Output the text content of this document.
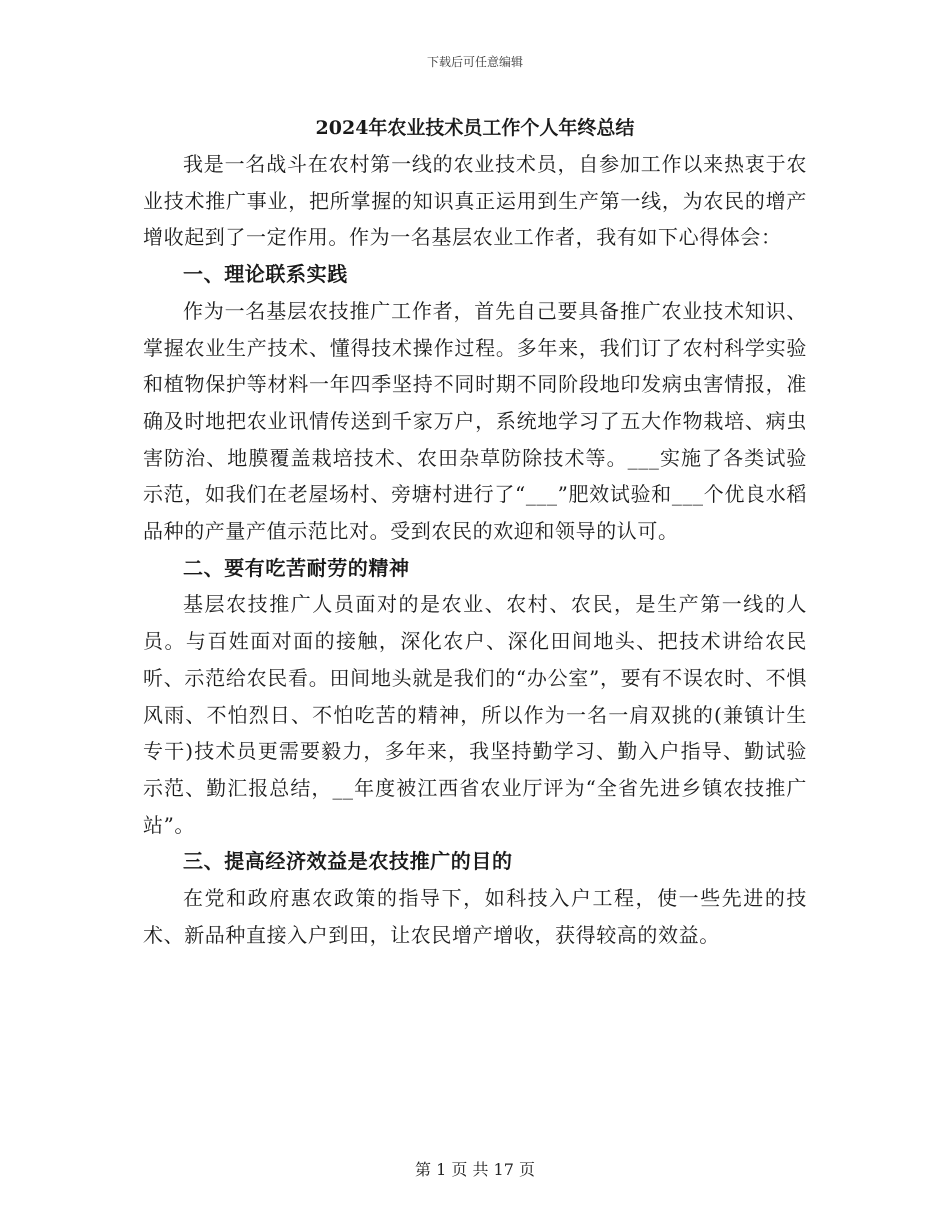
下载后可任意编辑
2024年农业技术员工作个人年终总结

我是一名战斗在农村第一线的农业技术员，自参加工作以来热衷于农业技术推广事业，把所掌握的知识真正运用到生产第一线，为农民的增产增收起到了一定作用。作为一名基层农业工作者，我有如下心得体会：

一、理论联系实践

作为一名基层农技推广工作者，首先自己要具备推广农业技术知识、掌握农业生产技术、懂得技术操作过程。多年来，我们订了农村科学实验和植物保护等材料一年四季坚持不同时期不同阶段地印发病虫害情报，准确及时地把农业讯情传送到千家万户，系统地学习了五大作物栽培、病虫害防治、地膜覆盖栽培技术、农田杂草防除技术等。___实施了各类试验示范，如我们在老屋场村、旁塘村进行了“___”肥效试验和___个优良水稻品种的产量产值示范比对。受到农民的欢迎和领导的认可。

二、要有吃苦耐劳的精神

基层农技推广人员面对的是农业、农村、农民，是生产第一线的人员。与百姓面对面的接触，深化农户、深化田间地头、把技术讲给农民听、示范给农民看。田间地头就是我们的“办公室”，要有不误农时、不惧风雨、不怕烈日、不怕吃苦的精神，所以作为一名一肩双挑的(兼镇计生专干)技术员更需要毅力，多年来，我坚持勤学习、勤入户指导、勤试验示范、勤汇报总结，__年度被江西省农业厅评为“全省先进乡镇农技推广站”。

三、提高经济效益是农技推广的目的

在党和政府惠农政策的指导下，如科技入户工程，使一些先进的技术、新品种直接入户到田，让农民增产增收，获得较高的效益。

第 1 页 共 17 页
